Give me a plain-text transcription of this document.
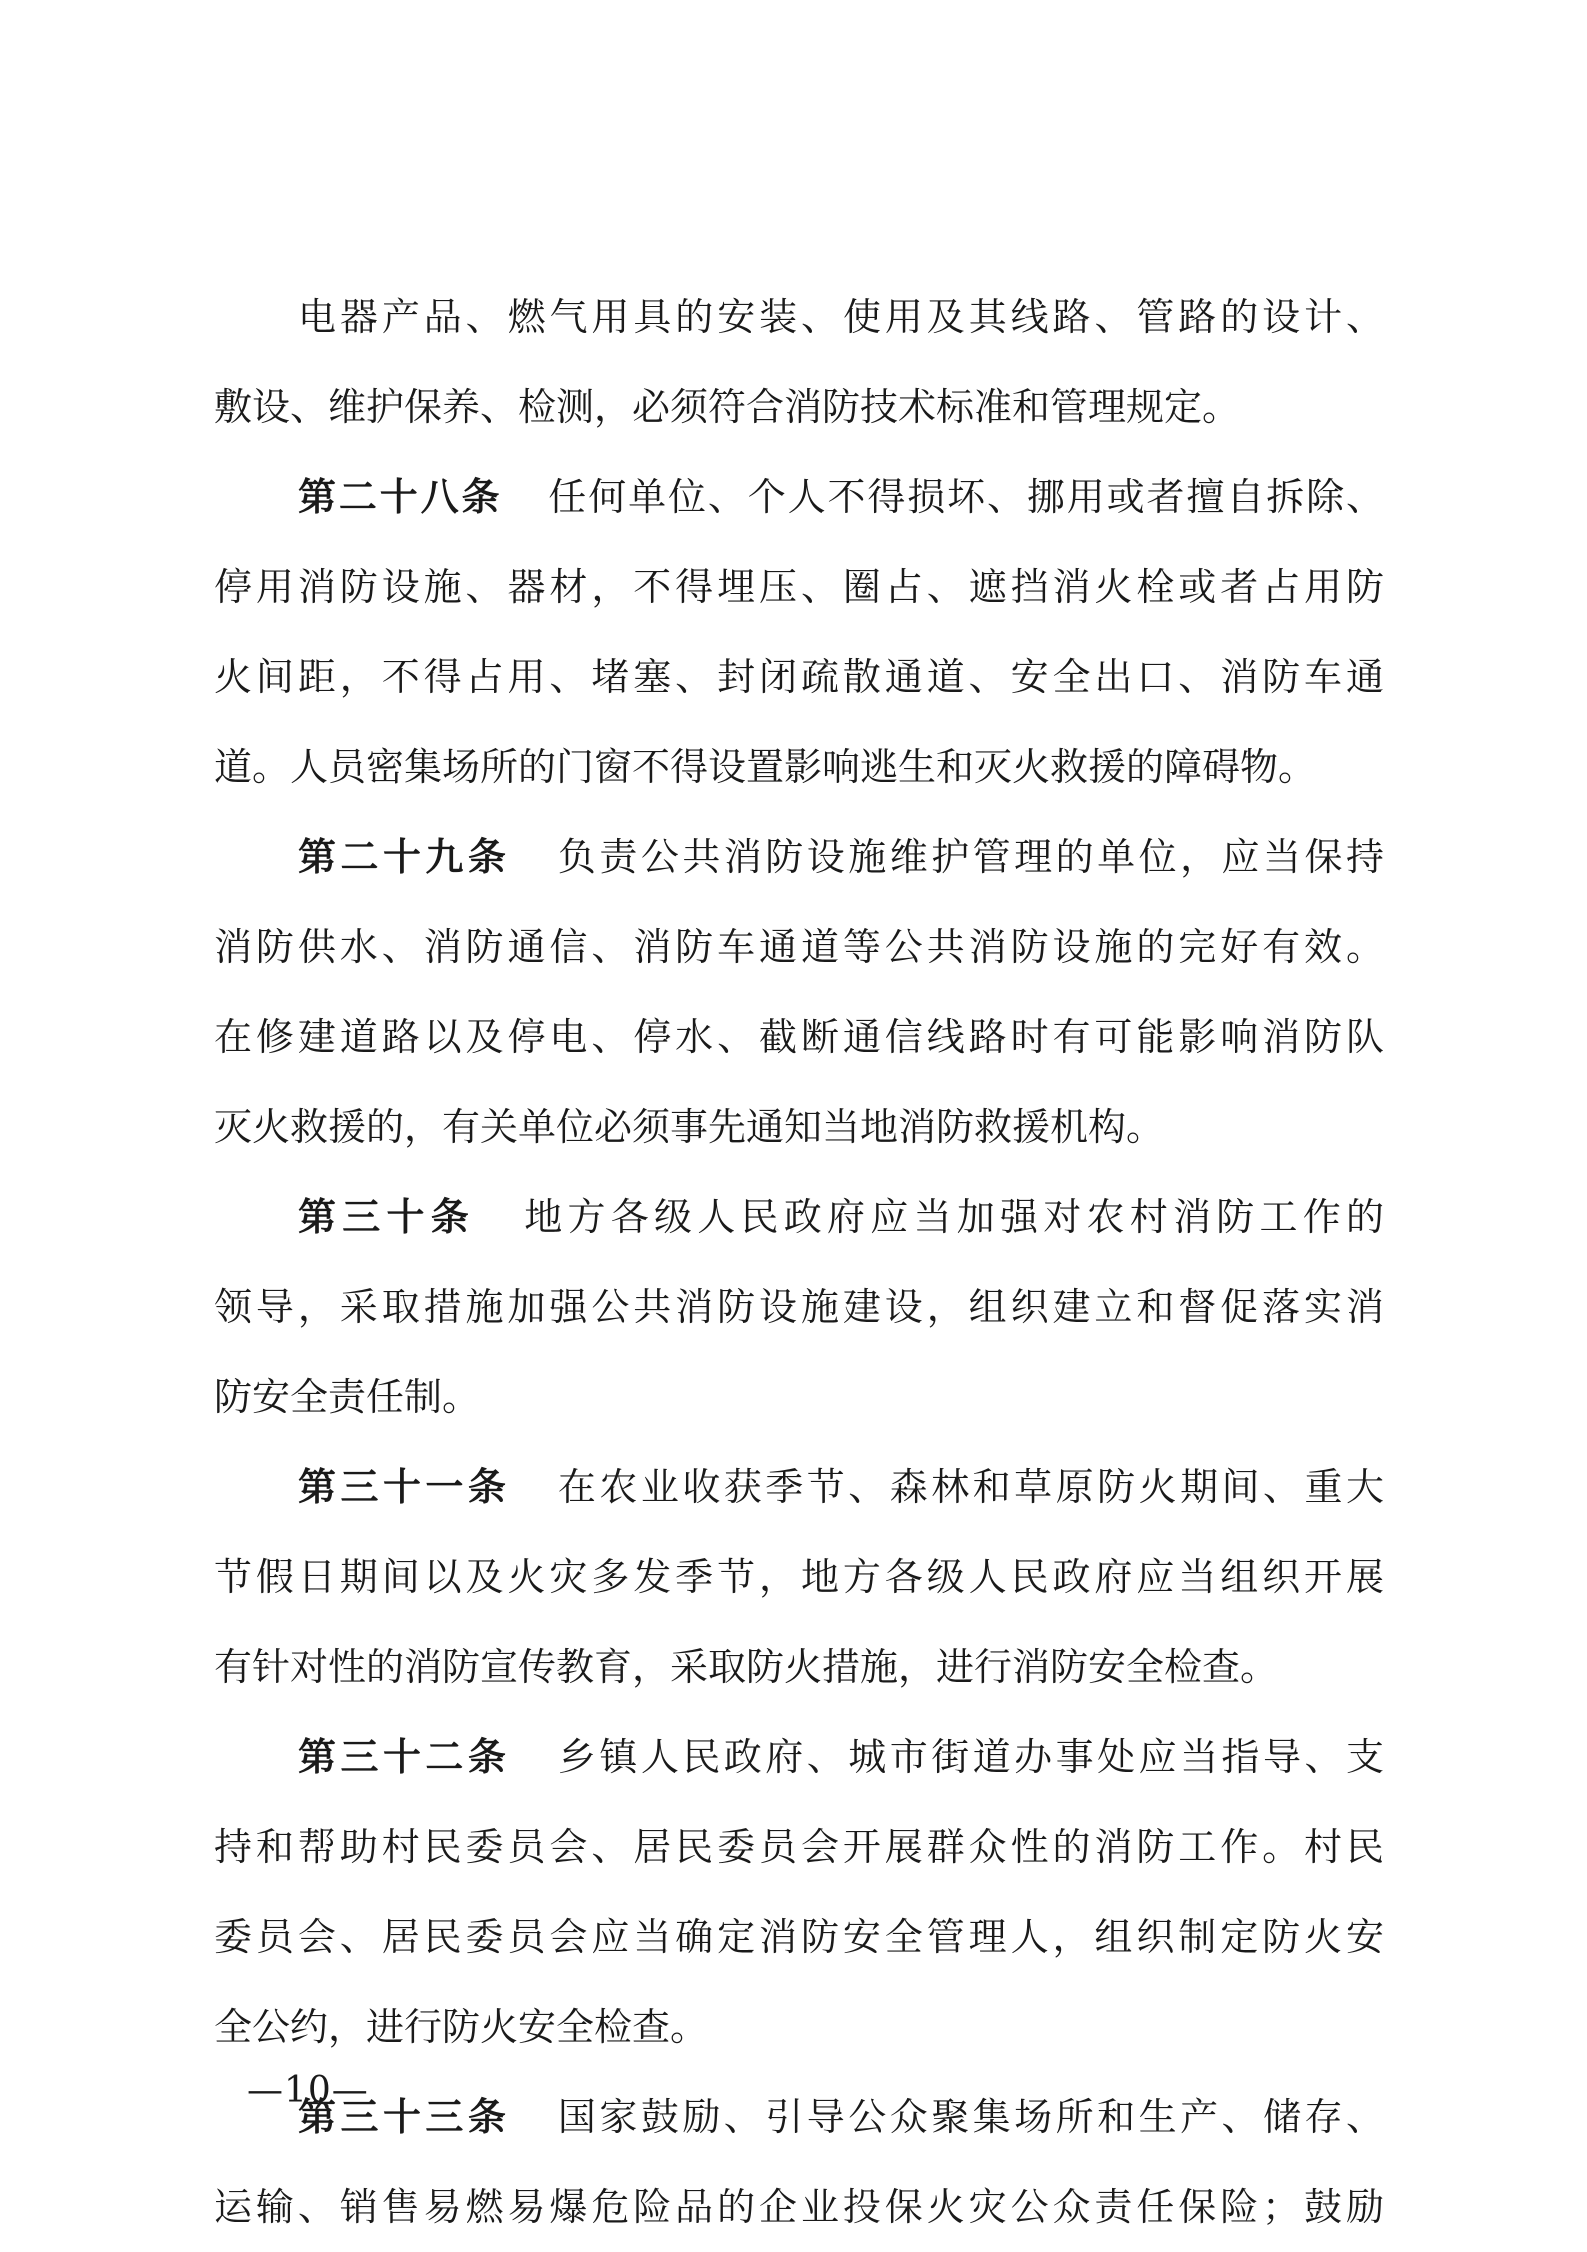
电器产品、燃气用具的安装、使用及其线路、管路的设计、
敷设、维护保养、检测，必须符合消防技术标准和管理规定。
第二十八条 任何单位、个人不得损坏、挪用或者擅自拆除、
停用消防设施、器材，不得埋压、圈占、遮挡消火栓或者占用防
火间距，不得占用、堵塞、封闭疏散通道、安全出口、消防车通
道。人员密集场所的门窗不得设置影响逃生和灭火救援的障碍物。
第二十九条 负责公共消防设施维护管理的单位，应当保持
消防供水、消防通信、消防车通道等公共消防设施的完好有效。
在修建道路以及停电、停水、截断通信线路时有可能影响消防队
灭火救援的，有关单位必须事先通知当地消防救援机构。
第三十条 地方各级人民政府应当加强对农村消防工作的
领导，采取措施加强公共消防设施建设，组织建立和督促落实消
防安全责任制。
第三十一条 在农业收获季节、森林和草原防火期间、重大
节假日期间以及火灾多发季节，地方各级人民政府应当组织开展
有针对性的消防宣传教育，采取防火措施，进行消防安全检查。
第三十二条 乡镇人民政府、城市街道办事处应当指导、支
持和帮助村民委员会、居民委员会开展群众性的消防工作。村民
委员会、居民委员会应当确定消防安全管理人，组织制定防火安
全公约，进行防火安全检查。
第三十三条 国家鼓励、引导公众聚集场所和生产、储存、
运输、销售易燃易爆危险品的企业投保火灾公众责任保险；鼓励
—10—
